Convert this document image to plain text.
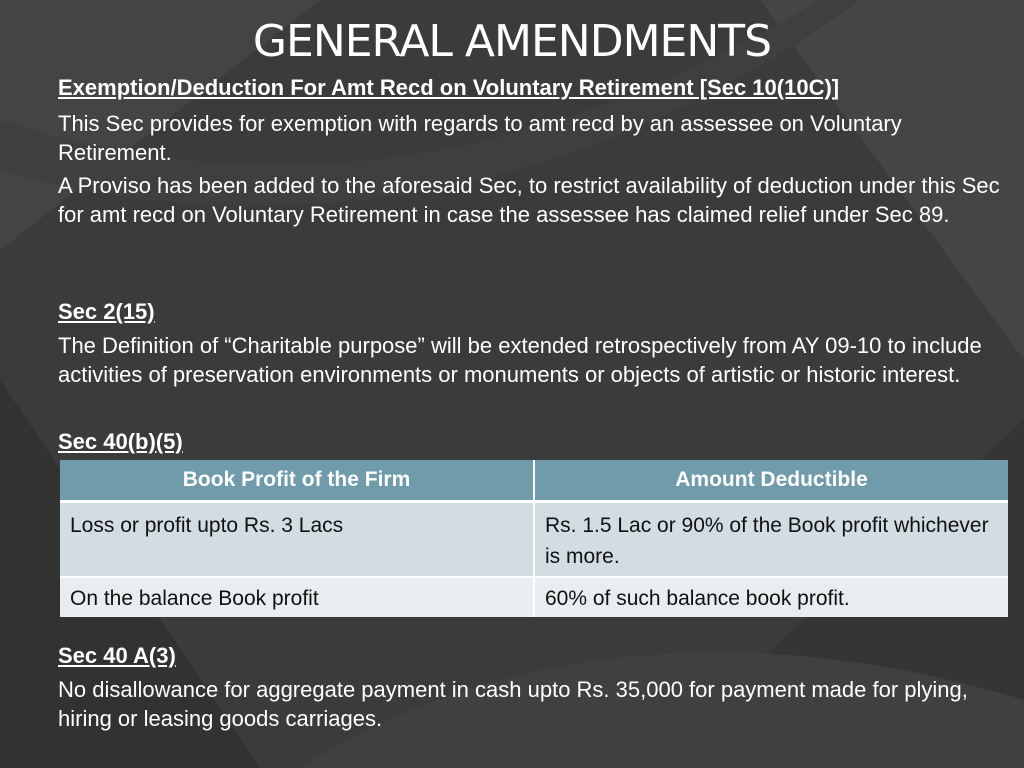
GENERAL AMENDMENTS

Exemption/Deduction For Amt Recd on Voluntary Retirement [Sec 10(10C)]

This Sec provides for exemption with regards to amt recd by an assessee on Voluntary Retirement.

A Proviso has been added to the aforesaid Sec, to restrict availability of deduction under this Sec for amt recd on Voluntary Retirement in case the assessee has claimed relief under Sec 89.

Sec 2(15)

The Definition of “Charitable purpose” will be extended retrospectively from AY 09-10 to include activities of preservation environments or monuments or objects of artistic or historic interest.

Sec 40(b)(5)

Book Profit of the Firm	Amount Deductible
Loss or profit upto Rs. 3 Lacs	Rs. 1.5 Lac or 90% of the Book profit whichever is more.
On the balance Book profit	60% of such balance book profit.

Sec 40 A(3)

No disallowance for aggregate payment in cash upto Rs. 35,000 for payment made for plying, hiring or leasing goods carriages.
